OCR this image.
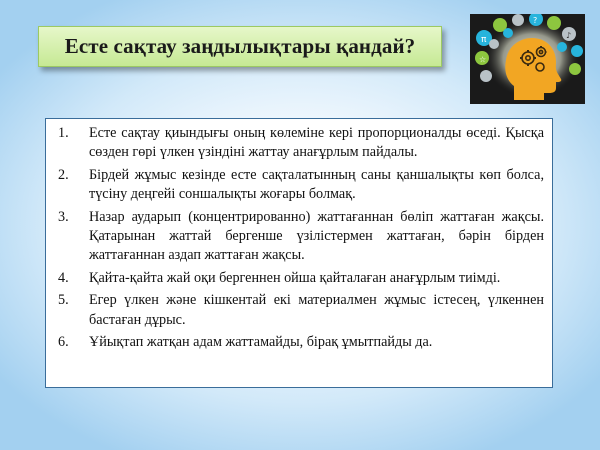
Есте сақтау заңдылықтары қандай?	π
?
♪
☆
1.	Есте сақтау қиындығы оның көлеміне кері пропорционалды өседі. Қысқа сөзден гөрі үлкен үзіндіні жаттау анағұрлым пайдалы.
2.	Бірдей жұмыс кезінде есте сақталатынның саны қаншалықты көп болса, түсіну деңгейі соншалықты жоғары болмақ.
3.	Назар аударып (концентрированно) жаттағаннан бөліп жаттаған жақсы. Қатарынан жаттай бергенше үзілістермен жаттаған, бәрін бірден жаттағаннан аздап жаттаған жақсы.
4.	Қайта-қайта жай оқи бергеннен ойша қайталаған анағұрлым тиімді.
5.	Егер үлкен және кішкентай екі материалмен жұмыс істесең, үлкеннен бастаған дұрыс.
6.	Ұйықтап жатқан адам жаттамайды, бірақ ұмытпайды да.
